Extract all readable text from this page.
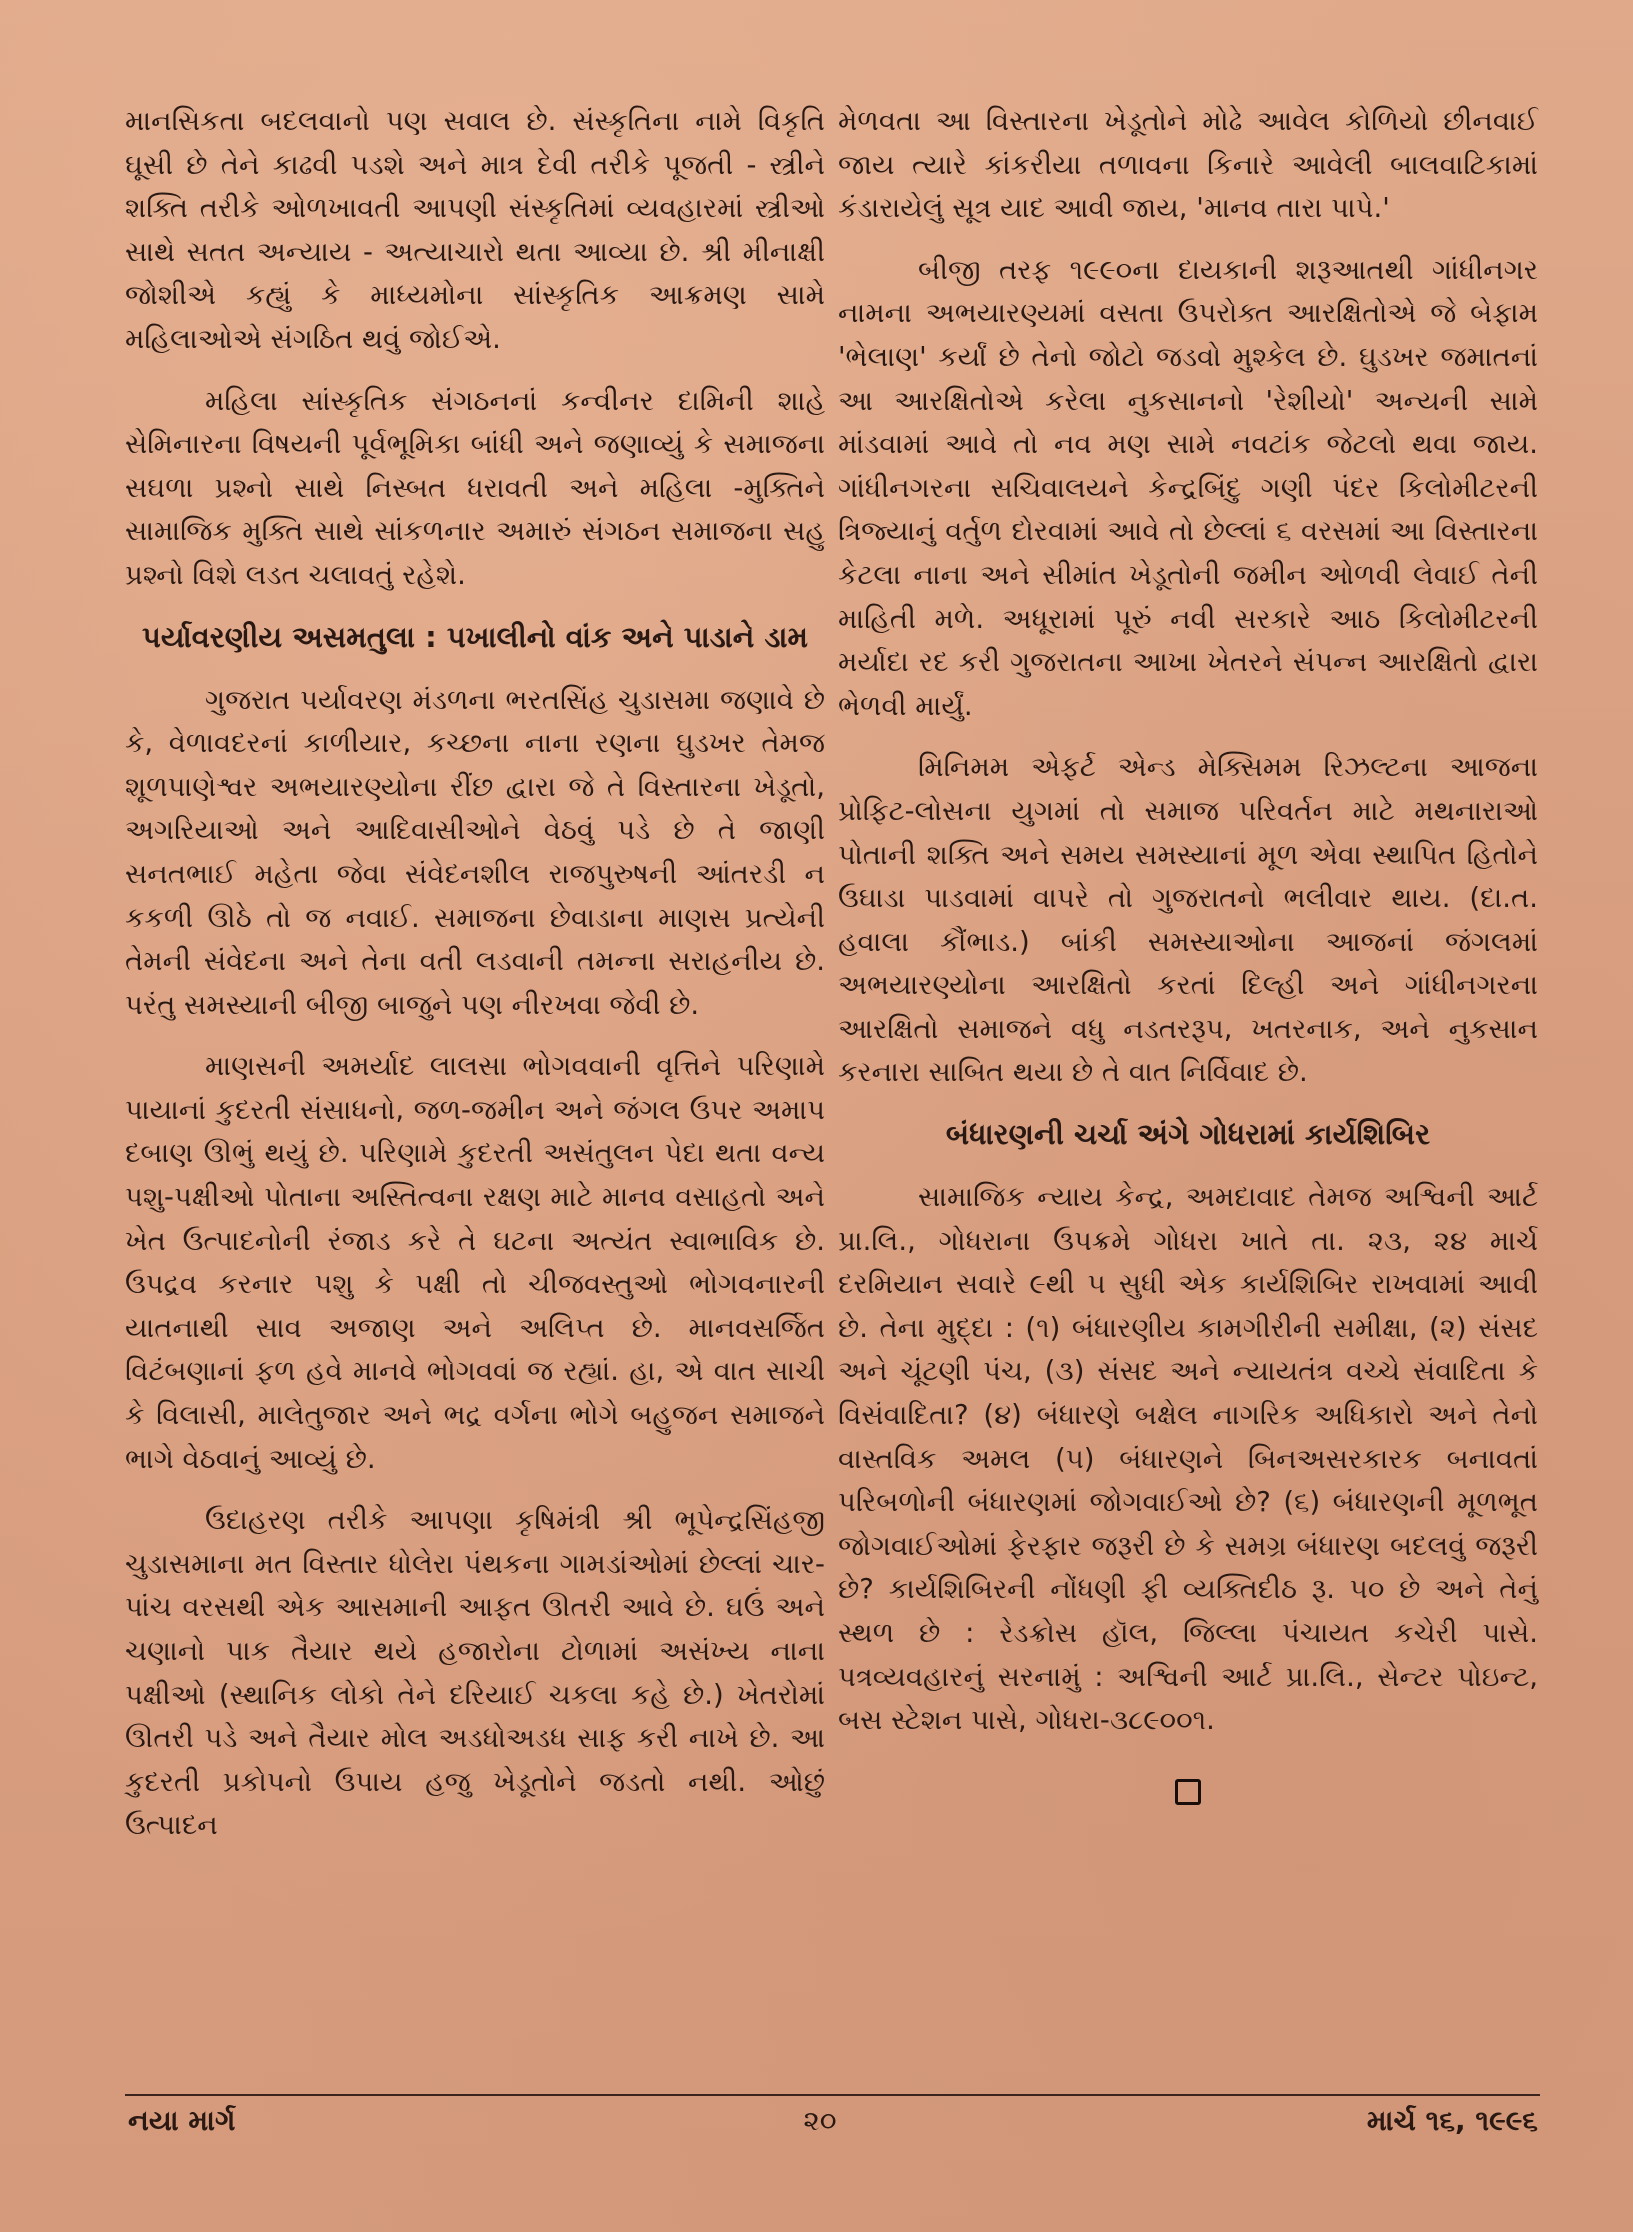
માનસિકતા બદલવાનો પણ સવાલ છે. સંસ્કૃતિના નામે વિકૃતિ ઘૂસી છે તેને કાઢવી પડશે અને માત્ર દેવી તરીકે પૂજતી - સ્ત્રીને શક્તિ તરીકે ઓળખાવતી આપણી સંસ્કૃતિમાં વ્યવહારમાં સ્ત્રીઓ સાથે સતત અન્યાય - અત્યાચારો થતા આવ્યા છે. શ્રી મીનાક્ષી જોશીએ કહ્યું કે માધ્યમોના સાંસ્કૃતિક આક્રમણ સામે મહિલાઓએ સંગઠિત થવું જોઈએ.

મહિલા સાંસ્કૃતિક સંગઠનનાં કન્વીનર દામિની શાહે સેમિનારના વિષયની પૂર્વભૂમિકા બાંધી અને જણાવ્યું કે સમાજના સઘળા પ્રશ્નો સાથે નિસ્બત ધરાવતી અને મહિલા -મુક્તિને સામાજિક મુક્તિ સાથે સાંકળનાર અમારું સંગઠન સમાજના સહુ પ્રશ્નો વિશે લડત ચલાવતું રહેશે.

પર્યાવરણીય અસમતુલા : પખાલીનો વાંક અને પાડાને ડામ

ગુજરાત પર્યાવરણ મંડળના ભરતસિંહ ચુડાસમા જણાવે છે કે, વેળાવદરનાં કાળીયાર, કચ્છના નાના રણના ઘુડખર તેમજ શૂળપાણેશ્વર અભયારણ્યોના રીંછ દ્વારા જે તે વિસ્તારના ખેડૂતો, અગરિયાઓ અને આદિવાસીઓને વેઠવું પડે છે તે જાણી સનતભાઈ મહેતા જેવા સંવેદનશીલ રાજપુરુષની આંતરડી ન કકળી ઊઠે તો જ નવાઈ. સમાજના છેવાડાના માણસ પ્રત્યેની તેમની સંવેદના અને તેના વતી લડવાની તમન્ના સરાહનીય છે. પરંતુ સમસ્યાની બીજી બાજુને પણ નીરખવા જેવી છે.

માણસની અમર્યાદ લાલસા ભોગવવાની વૃત્તિને પરિણામે પાયાનાં કુદરતી સંસાધનો, જળ-જમીન અને જંગલ ઉપર અમાપ દબાણ ઊભું થયું છે. પરિણામે કુદરતી અસંતુલન પેદા થતા વન્ય પશુ-પક્ષીઓ પોતાના અસ્તિત્વના રક્ષણ માટે માનવ વસાહતો અને ખેત ઉત્પાદનોની રંજાડ કરે તે ઘટના અત્યંત સ્વાભાવિક છે. ઉપદ્રવ કરનાર પશુ કે પક્ષી તો ચીજવસ્તુઓ ભોગવનારની યાતનાથી સાવ અજાણ અને અલિપ્ત છે. માનવસર્જિત વિટંબણાનાં ફળ હવે માનવે ભોગવવાં જ રહ્યાં. હા, એ વાત સાચી કે વિલાસી, માલેતુજાર અને ભદ્ર વર્ગના ભોગે બહુજન સમાજને ભાગે વેઠવાનું આવ્યું છે.

ઉદાહરણ તરીકે આપણા કૃષિમંત્રી શ્રી ભૂપેન્દ્રસિંહજી ચુડાસમાના મત વિસ્તાર ધોલેરા પંથકના ગામડાંઓમાં છેલ્લાં ચાર-પાંચ વરસથી એક આસમાની આફત ઊતરી આવે છે. ઘઉં અને ચણાનો પાક તૈયાર થયે હજારોના ટોળામાં અસંખ્ય નાના પક્ષીઓ (સ્થાનિક લોકો તેને દરિયાઈ ચકલા કહે છે.) ખેતરોમાં ઊતરી પડે અને તૈયાર મોલ અડધોઅડધ સાફ કરી નાખે છે. આ કુદરતી પ્રકોપનો ઉપાય હજુ ખેડૂતોને જડતો નથી. ઓછું ઉત્પાદન

મેળવતા આ વિસ્તારના ખેડૂતોને મોઢે આવેલ કોળિયો છીનવાઈ જાય ત્યારે કાંકરીયા તળાવના કિનારે આવેલી બાલવાટિકામાં કંડારાયેલું સૂત્ર યાદ આવી જાય, 'માનવ તારા પાપે.'

બીજી તરફ ૧૯૯૦ના દાયકાની શરૂઆતથી ગાંધીનગર નામના અભયારણ્યમાં વસતા ઉપરોક્ત આરક્ષિતોએ જે બેફામ 'ભેલાણ' કર્યાં છે તેનો જોટો જડવો મુશ્કેલ છે. ઘુડખર જમાતનાં આ આરક્ષિતોએ કરેલા નુકસાનનો 'રેશીયો' અન્યની સામે માંડવામાં આવે તો નવ મણ સામે નવટાંક જેટલો થવા જાય. ગાંધીનગરના સચિવાલયને કેન્દ્રબિંદુ ગણી પંદર કિલોમીટરની ત્રિજ્યાનું વર્તુળ દોરવામાં આવે તો છેલ્લાં ૬ વરસમાં આ વિસ્તારના કેટલા નાના અને સીમાંત ખેડૂતોની જમીન ઓળવી લેવાઈ તેની માહિતી મળે. અધૂરામાં પૂરું નવી સરકારે આઠ કિલોમીટરની મર્યાદા રદ કરી ગુજરાતના આખા ખેતરને સંપન્ન આરક્ષિતો દ્વારા ભેળવી માર્યું.

મિનિમમ એફર્ટ એન્ડ મેક્સિમમ રિઝલ્ટના આજના પ્રોફિટ-લોસના યુગમાં તો સમાજ પરિવર્તન માટે મથનારાઓ પોતાની શક્તિ અને સમય સમસ્યાનાં મૂળ એવા સ્થાપિત હિતોને ઉઘાડા પાડવામાં વાપરે તો ગુજરાતનો ભલીવાર થાય. (દા.ત. હવાલા કૌંભાડ.) બાંકી સમસ્યાઓના આજનાં જંગલમાં અભયારણ્યોના આરક્ષિતો કરતાં દિલ્હી અને ગાંધીનગરના આરક્ષિતો સમાજને વધુ નડતરરૂપ, ખતરનાક, અને નુકસાન કરનારા સાબિત થયા છે તે વાત નિર્વિવાદ છે.

બંધારણની ચર્ચા અંગે ગોધરામાં કાર્યશિબિર

સામાજિક ન્યાય કેન્દ્ર, અમદાવાદ તેમજ અશ્વિની આર્ટ પ્રા.લિ., ગોધરાના ઉપક્રમે ગોધરા ખાતે તા. ૨૩, ૨૪ માર્ચ દરમિયાન સવારે ૯થી ૫ સુધી એક કાર્યશિબિર રાખવામાં આવી છે. તેના મુદ્દા : (૧) બંધારણીય કામગીરીની સમીક્ષા, (૨) સંસદ અને ચૂંટણી પંચ, (૩) સંસદ અને ન્યાયતંત્ર વચ્ચે સંવાદિતા કે વિસંવાદિતા? (૪) બંધારણે બક્ષેલ નાગરિક અધિકારો અને તેનો વાસ્તવિક અમલ (૫) બંધારણને બિનઅસરકારક બનાવતાં પરિબળોની બંધારણમાં જોગવાઈઓ છે? (૬) બંધારણની મૂળભૂત જોગવાઈઓમાં ફેરફાર જરૂરી છે કે સમગ્ર બંધારણ બદલવું જરૂરી છે? કાર્યશિબિરની નોંધણી ફી વ્યક્તિદીઠ રૂ. ૫૦ છે અને તેનું સ્થળ છે : રેડક્રોસ હૉલ, જિલ્લા પંચાયત કચેરી પાસે. પત્રવ્યવહારનું સરનામું : અશ્વિની આર્ટ પ્રા.લિ., સેન્ટર પોઇન્ટ, બસ સ્ટેશન પાસે, ગોધરા-૩૮૯૦૦૧.

નયા માર્ગ	૨૦	માર્ચ ૧૬, ૧૯૯૬
